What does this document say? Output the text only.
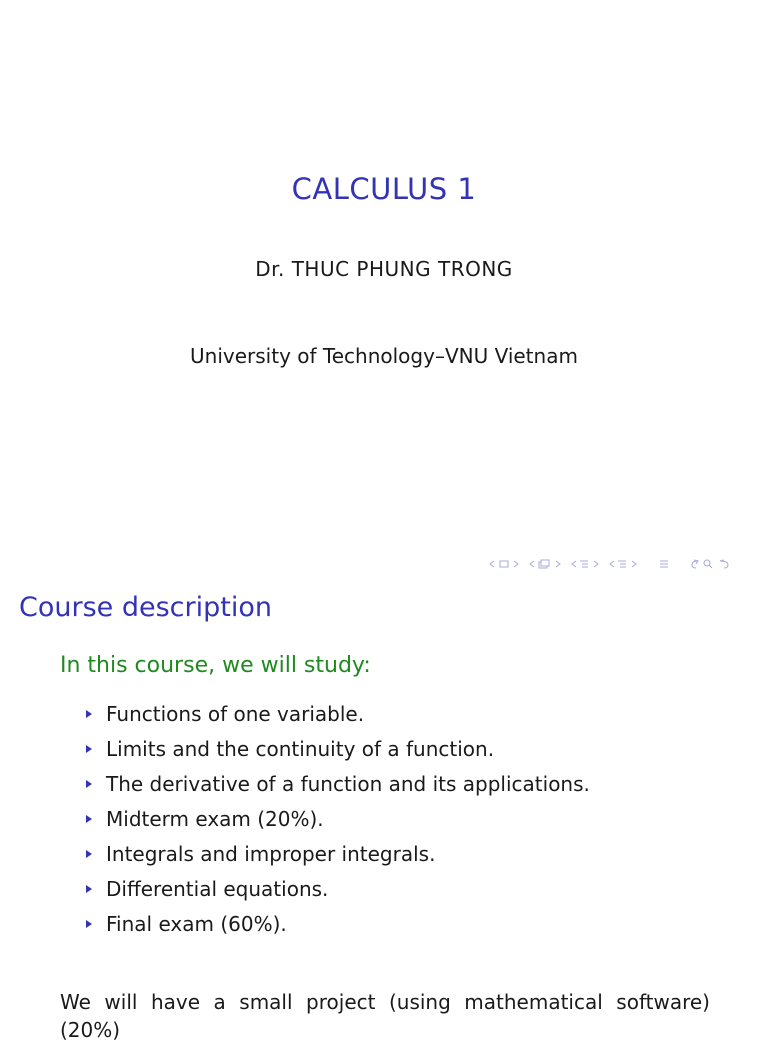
CALCULUS 1
Dr. THUC PHUNG TRONG
University of Technology–VNU Vietnam
Course description
In this course, we will study:
Functions of one variable.
Limits and the continuity of a function.
The derivative of a function and its applications.
Midterm exam (20%).
Integrals and improper integrals.
Differential equations.
Final exam (60%).
We will have a small project (using mathematical software) (20%)
